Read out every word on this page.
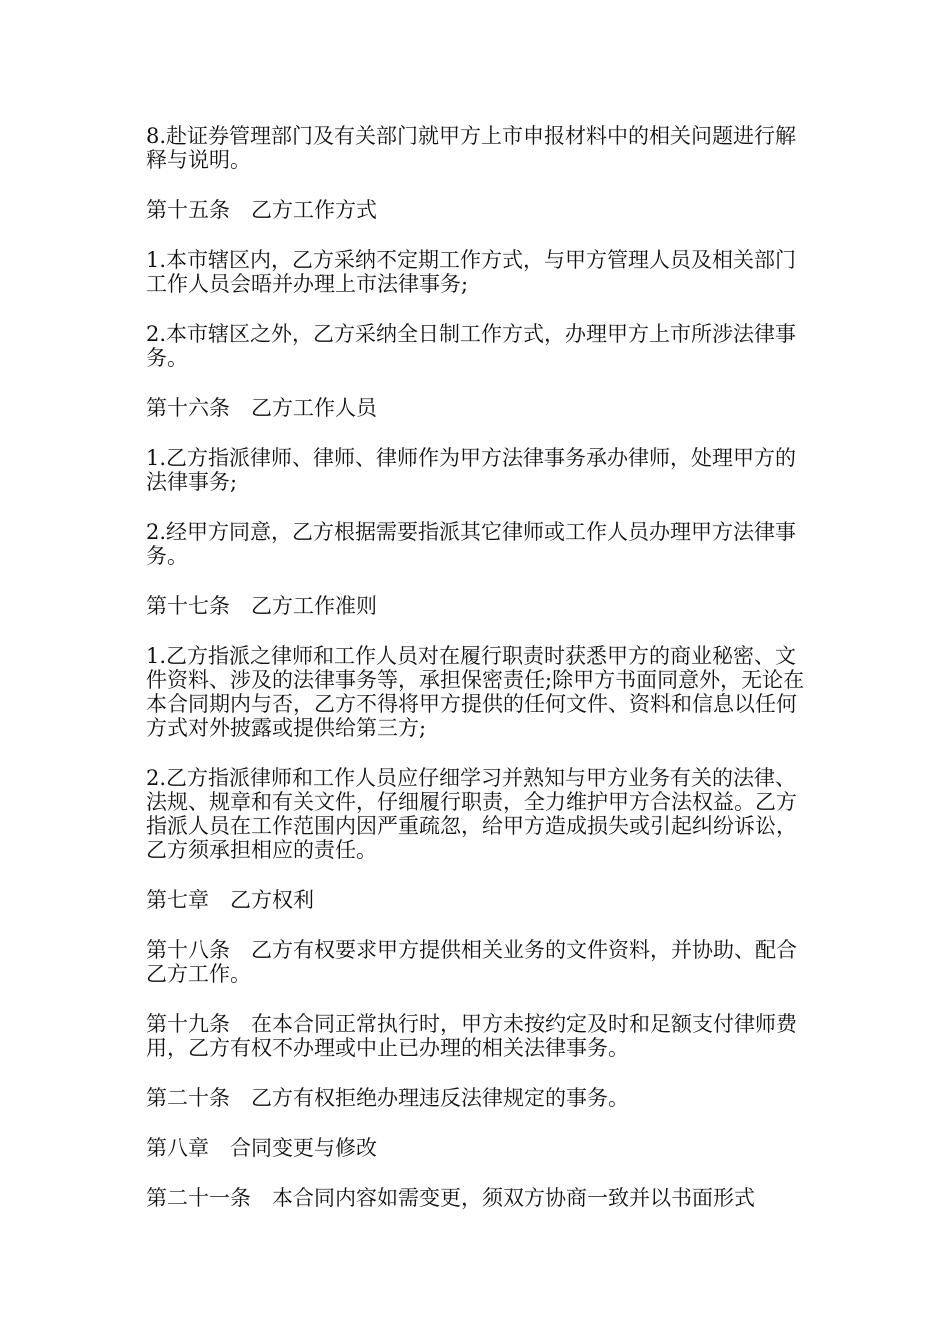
8.赴证券管理部门及有关部门就甲方上市申报材料中的相关问题进行解释与说明。

第十五条　乙方工作方式

1.本市辖区内，乙方采纳不定期工作方式，与甲方管理人员及相关部门工作人员会晤并办理上市法律事务;

2.本市辖区之外，乙方采纳全日制工作方式，办理甲方上市所涉法律事务。

第十六条　乙方工作人员

1.乙方指派律师、律师、律师作为甲方法律事务承办律师，处理甲方的法律事务;

2.经甲方同意，乙方根据需要指派其它律师或工作人员办理甲方法律事务。

第十七条　乙方工作准则

1.乙方指派之律师和工作人员对在履行职责时获悉甲方的商业秘密、文件资料、涉及的法律事务等，承担保密责任;除甲方书面同意外，无论在本合同期内与否，乙方不得将甲方提供的任何文件、资料和信息以任何方式对外披露或提供给第三方;

2.乙方指派律师和工作人员应仔细学习并熟知与甲方业务有关的法律、法规、规章和有关文件，仔细履行职责，全力维护甲方合法权益。乙方指派人员在工作范围内因严重疏忽，给甲方造成损失或引起纠纷诉讼，乙方须承担相应的责任。

第七章　乙方权利

第十八条　乙方有权要求甲方提供相关业务的文件资料，并协助、配合乙方工作。

第十九条　在本合同正常执行时，甲方未按约定及时和足额支付律师费用，乙方有权不办理或中止已办理的相关法律事务。

第二十条　乙方有权拒绝办理违反法律规定的事务。

第八章　合同变更与修改

第二十一条　本合同内容如需变更，须双方协商一致并以书面形式
